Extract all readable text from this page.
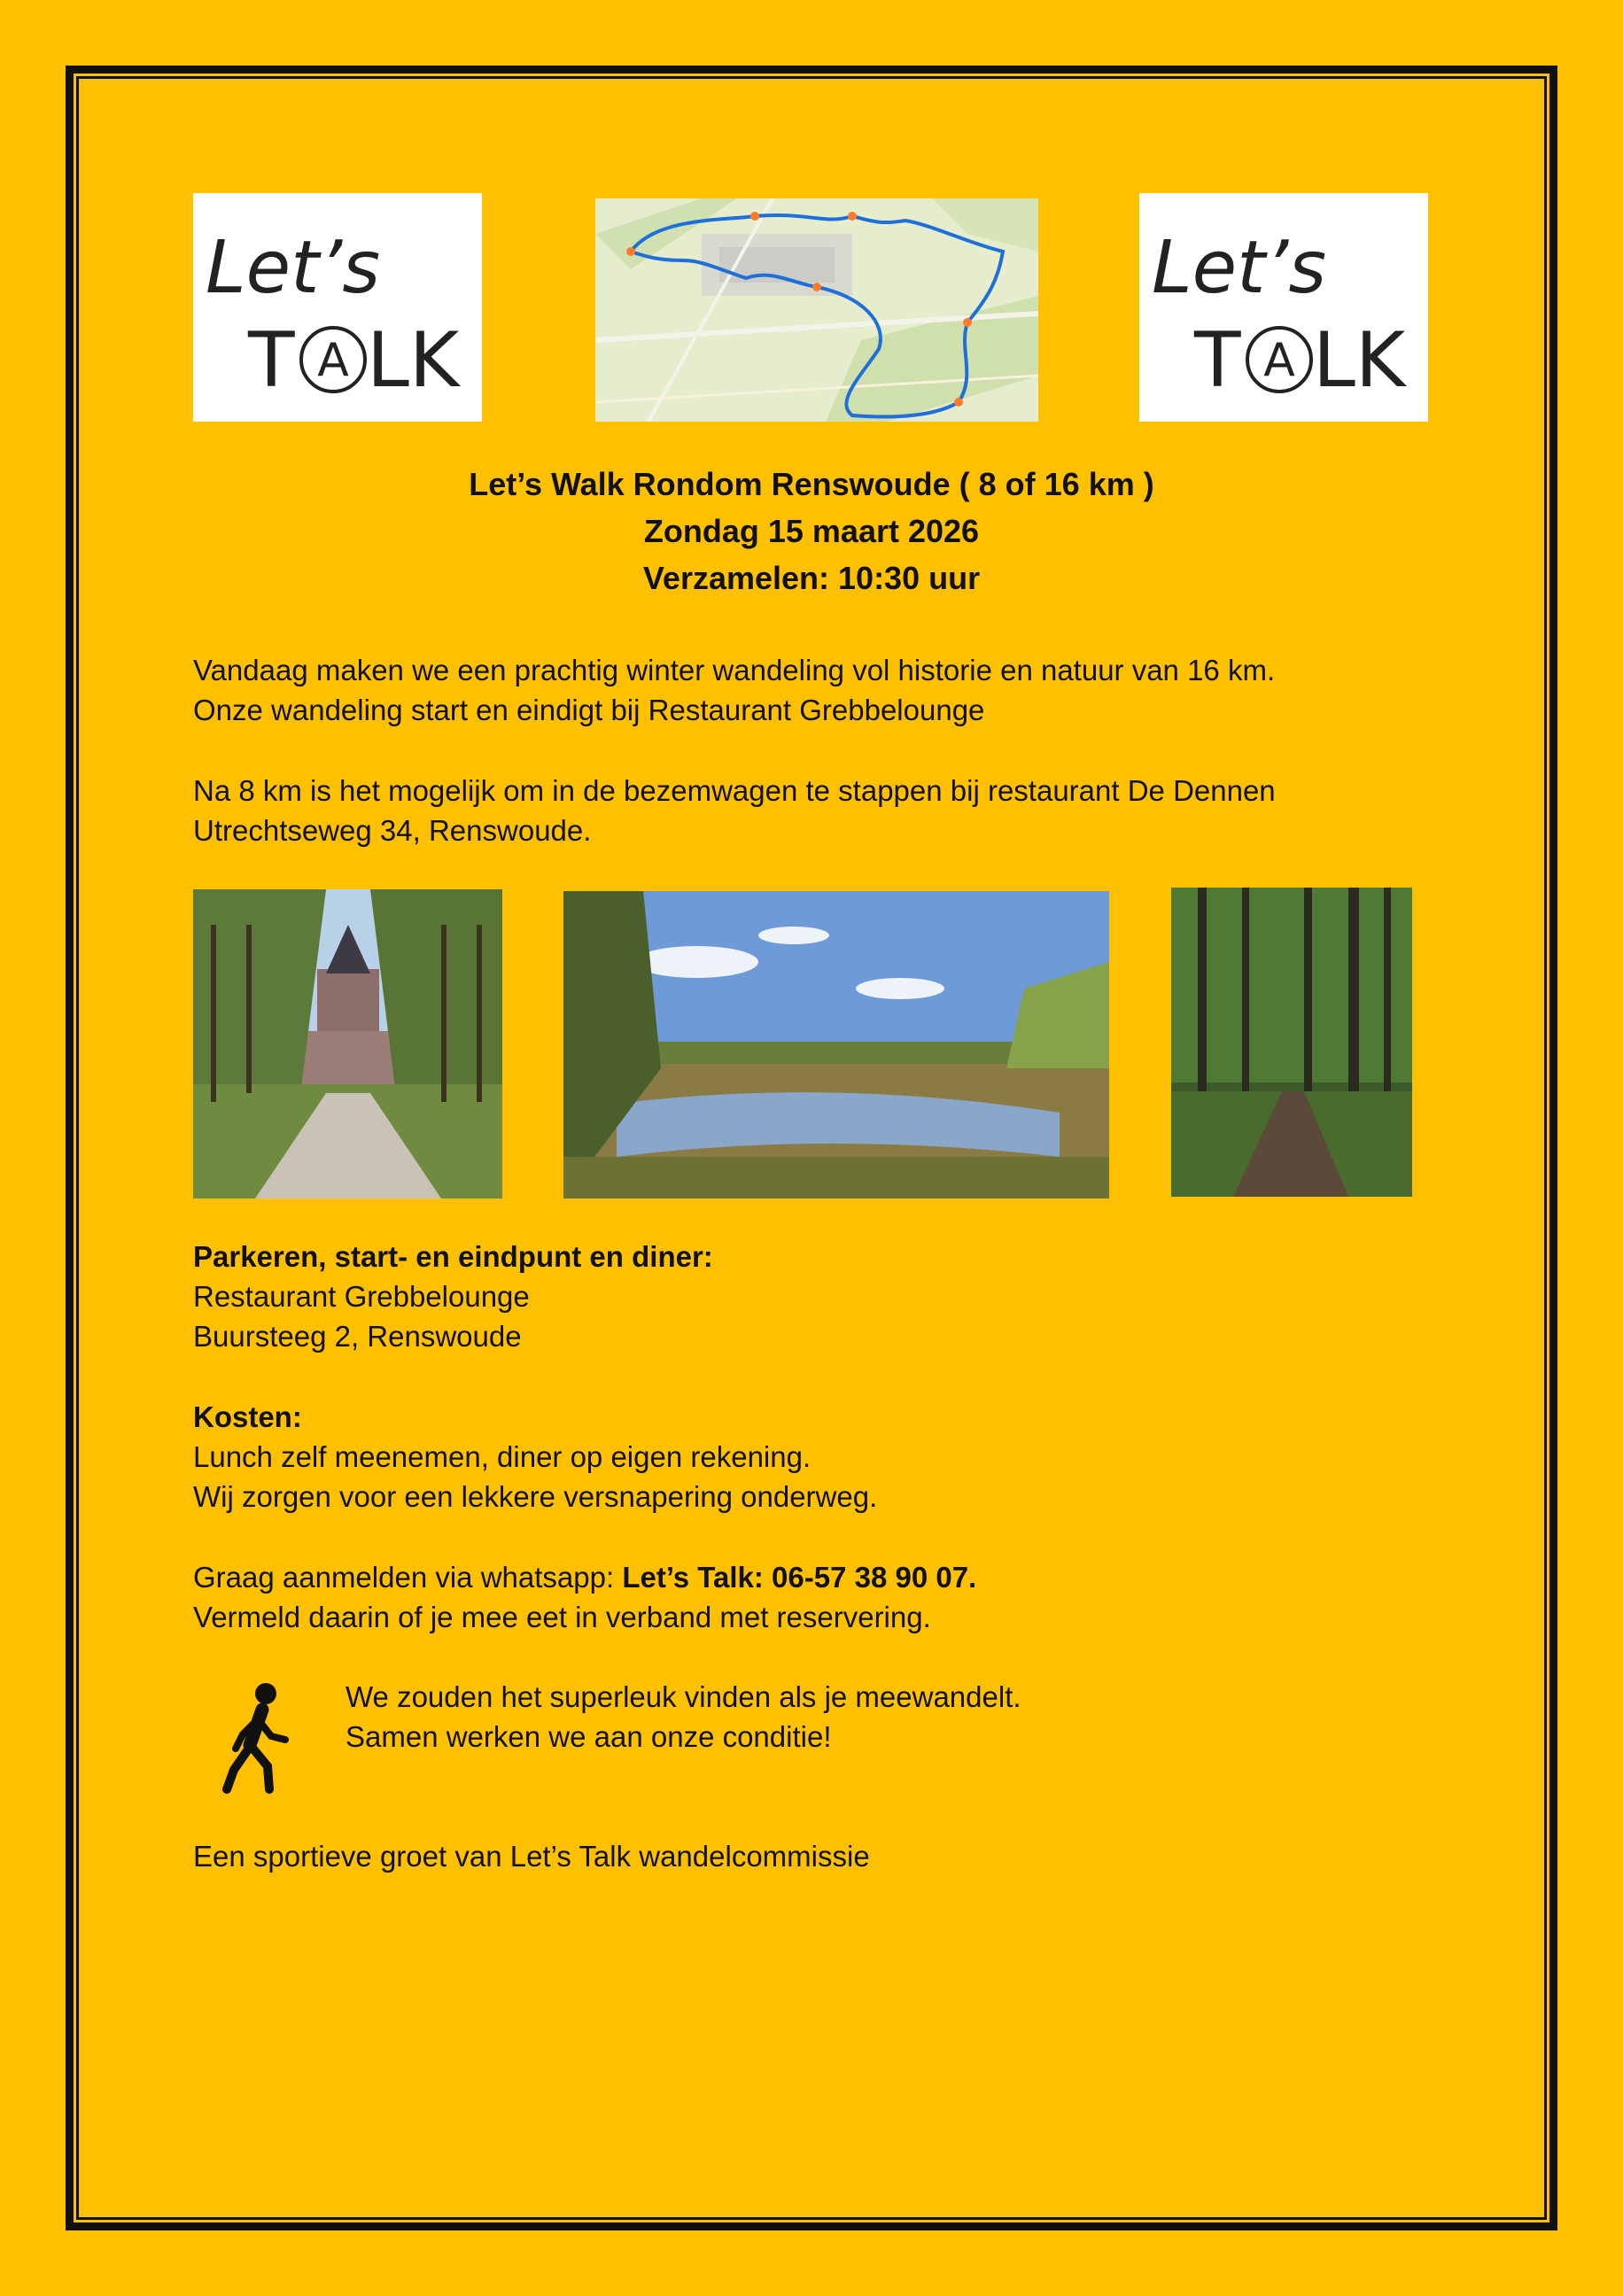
Let’s
T A LK
Let’s
T A LK
Let’s Walk Rondom Renswoude ( 8 of 16 km )
Zondag 15 maart 2026
Verzamelen: 10:30 uur
Vandaag maken we een prachtig winter wandeling vol historie en natuur van 16 km.
Onze wandeling start en eindigt bij Restaurant Grebbelounge
Na 8 km is het mogelijk om in de bezemwagen te stappen bij restaurant De Dennen
Utrechtseweg 34, Renswoude.
Parkeren, start- en eindpunt en diner:
Restaurant Grebbelounge
Buursteeg 2, Renswoude
Kosten:
Lunch zelf meenemen, diner op eigen rekening.
Wij zorgen voor een lekkere versnapering onderweg.
Graag aanmelden via whatsapp: Let’s Talk: 06-57 38 90 07.
Vermeld daarin of je mee eet in verband met reservering.
We zouden het superleuk vinden als je meewandelt.
Samen werken we aan onze conditie!
Een sportieve groet van Let’s Talk wandelcommissie
